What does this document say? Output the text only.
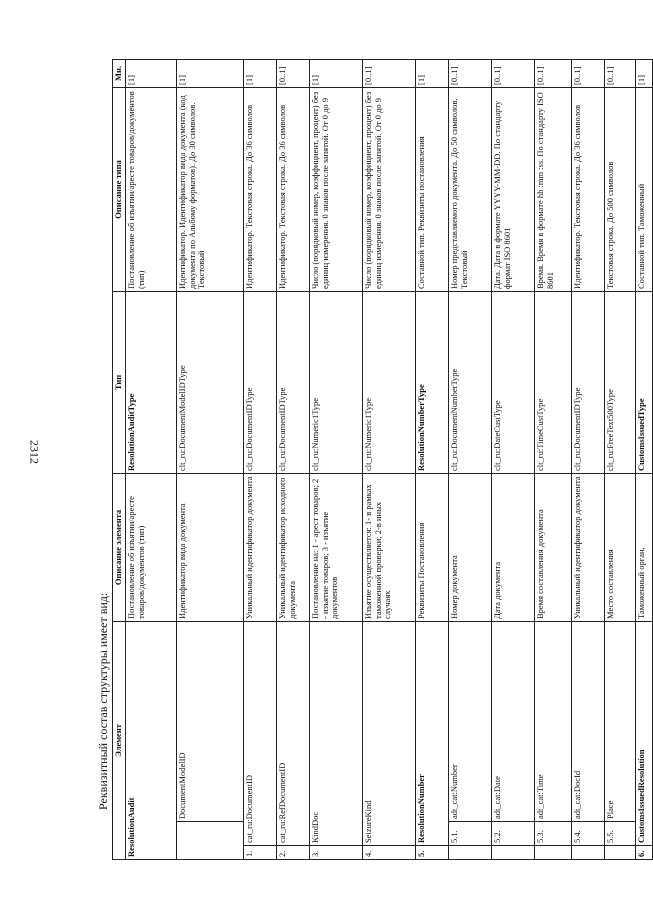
2312
Реквизитный состав структуры имеет вид: Элемент			Описание элемента	Тип	Описание типа	Мн.
ResolutionAudit			Постановление об изъятии/аресте товаров/документов (тип)	ResolutionAuditType	Постановление об изъятии/аресте товаров/документов (тип)	[1]
		DocumentModelID	Идентификатор вида документа	clt_ru:DocumentModelIDType	Идентификатор. Идентификатор вида документа (код документа по Альбому форматов). До 30 символов. Текстовый	[1]
1.	cat_ru:DocumentID		Уникальный идентификатор документа	clt_ru:DocumentIDType	Идентификатор. Текстовая строка. До 36 символов	[1]
2.	cat_ru:RefDocumentID		Уникальный идентификатор исходного документа	clt_ru:DocumentIDType	Идентификатор. Текстовая строка. До 36 символов	[0..1]
3.	KindDoc		Постановление на: 1 - арест товаров; 2 - изъятие товаров; 3 - изъятие документов	clt_ru:Numeric1Type	Число (порядковый номер, коэффициент, процент) без единиц измерения. 0 знаков после запятой. От 0 до 9	[1]
4.	SeizureKind		Изъятие осуществляется: 1- в рамках таможенной проверки; 2-в иных случаях	clt_ru:Numeric1Type	Число (порядковый номер, коэффициент, процент) без единиц измерения. 0 знаков после запятой. От 0 до 9	[0..1]
5.	ResolutionNumber		Реквизиты Постановления	ResolutionNumberType	Составной тип. Реквизиты постановления	[1]
	5.1.	adt_cat:Number	Номер документа	clt_ru:DocumentNumberType	Номер представляемого документа. До 50 символов. Текстовый	[0..1]
	5.2.	adt_cat:Date	Дата документа	clt_ru:DateCustType	Дата. Дата в формате YYYY-MM-DD. По стандарту формат ISO 8601	[0..1]
	5.3.	adt_cat:Time	Время составления документа	clt_ru:TimeCustType	Время. Время в формате hh :mm :ss. По стандарту ISO 8601	[0..1]
	5.4.	adt_cat:DocId	Уникальный идентификатор документа	clt_ru:DocumentIDType	Идентификатор. Текстовая строка. До 36 символов	[0..1]
	5.5.	Place	Место составления	clt_ru:FreeText500Type	Текстовая строка. До 500 символов	[0..1]
6.	CustomsIssuedResolution		Таможенный орган,	CustomsIssuedType	Составной тип. Таможенный	[1]
